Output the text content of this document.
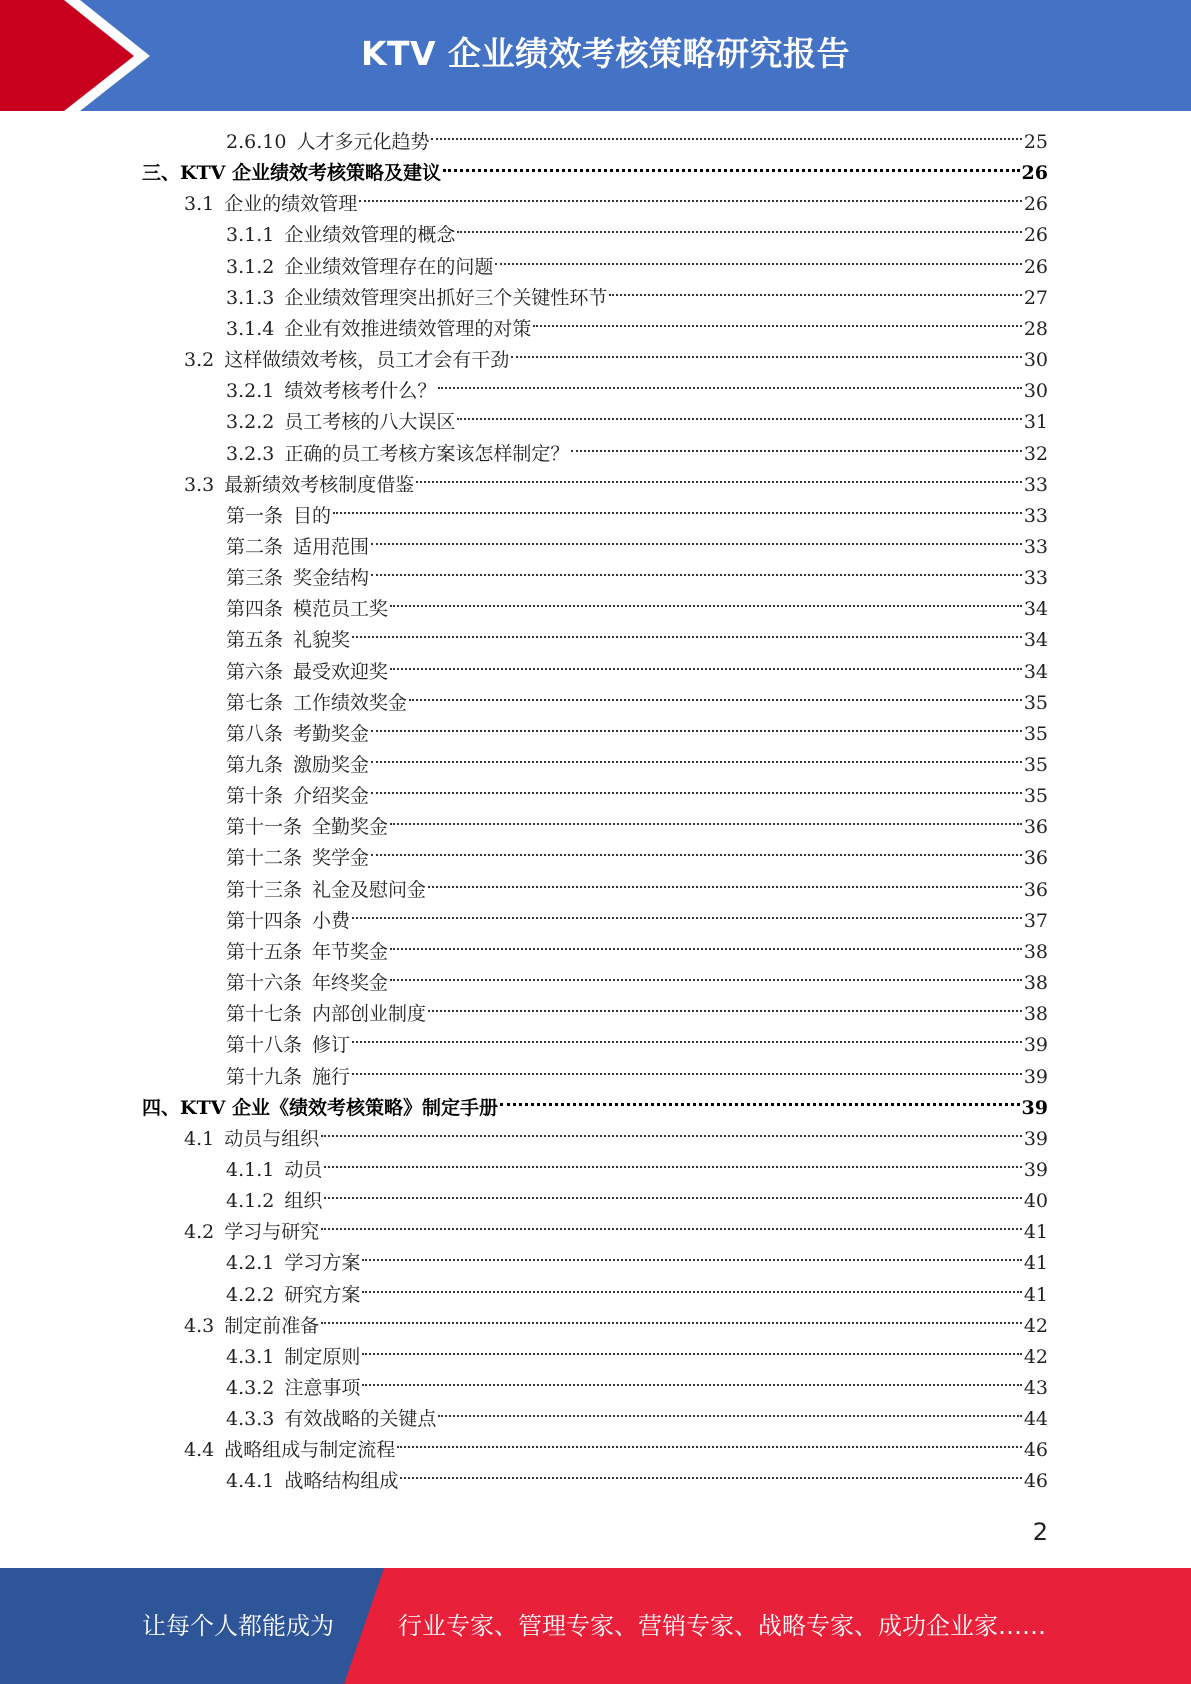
KTV 企业绩效考核策略研究报告
2.6.10 人才多元化趋势	25
三、 KTV 企业绩效考核策略及建议	26
3.1 企业的绩效管理	26
3.1.1 企业绩效管理的概念	26
3.1.2 企业绩效管理存在的问题	26
3.1.3 企业绩效管理突出抓好三个关键性环节	27
3.1.4 企业有效推进绩效管理的对策	28
3.2 这样做绩效考核，员工才会有干劲	30
3.2.1 绩效考核考什么？	30
3.2.2 员工考核的八大误区	31
3.2.3 正确的员工考核方案该怎样制定？	32
3.3 最新绩效考核制度借鉴	33
第一条 目的	33
第二条 适用范围	33
第三条 奖金结构	33
第四条 模范员工奖	34
第五条 礼貌奖	34
第六条 最受欢迎奖	34
第七条 工作绩效奖金	35
第八条 考勤奖金	35
第九条 激励奖金	35
第十条 介绍奖金	35
第十一条 全勤奖金	36
第十二条 奖学金	36
第十三条 礼金及慰问金	36
第十四条 小费	37
第十五条 年节奖金	38
第十六条 年终奖金	38
第十七条 内部创业制度	38
第十八条 修订	39
第十九条 施行	39
四、 KTV 企业《绩效考核策略》制定手册	39
4.1 动员与组织	39
4.1.1 动员	39
4.1.2 组织	40
4.2 学习与研究	41
4.2.1 学习方案	41
4.2.2 研究方案	41
4.3 制定前准备	42
4.3.1 制定原则	42
4.3.2 注意事项	43
4.3.3 有效战略的关键点	44
4.4 战略组成与制定流程	46
4.4.1 战略结构组成	46
2
让每个人都能成为	行业专家、管理专家、营销专家、战略专家、成功企业家……
